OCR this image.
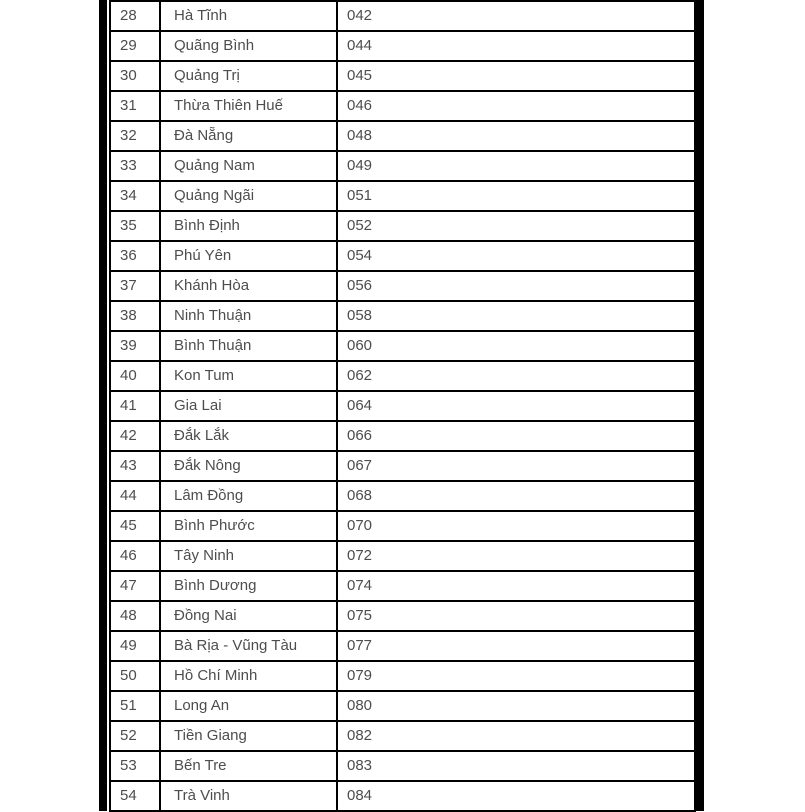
28	Hà Tĩnh	042
29	Quãng Bình	044
30	Quảng Trị	045
31	Thừa Thiên Huế	046
32	Đà Nẵng	048
33	Quảng Nam	049
34	Quảng Ngãi	051
35	Bình Định	052
36	Phú Yên	054
37	Khánh Hòa	056
38	Ninh Thuận	058
39	Bình Thuận	060
40	Kon Tum	062
41	Gia Lai	064
42	Đắk Lắk	066
43	Đắk Nông	067
44	Lâm Đồng	068
45	Bình Phước	070
46	Tây Ninh	072
47	Bình Dương	074
48	Đồng Nai	075
49	Bà Rịa - Vũng Tàu	077
50	Hồ Chí Minh	079
51	Long An	080
52	Tiền Giang	082
53	Bến Tre	083
54	Trà Vinh	084
